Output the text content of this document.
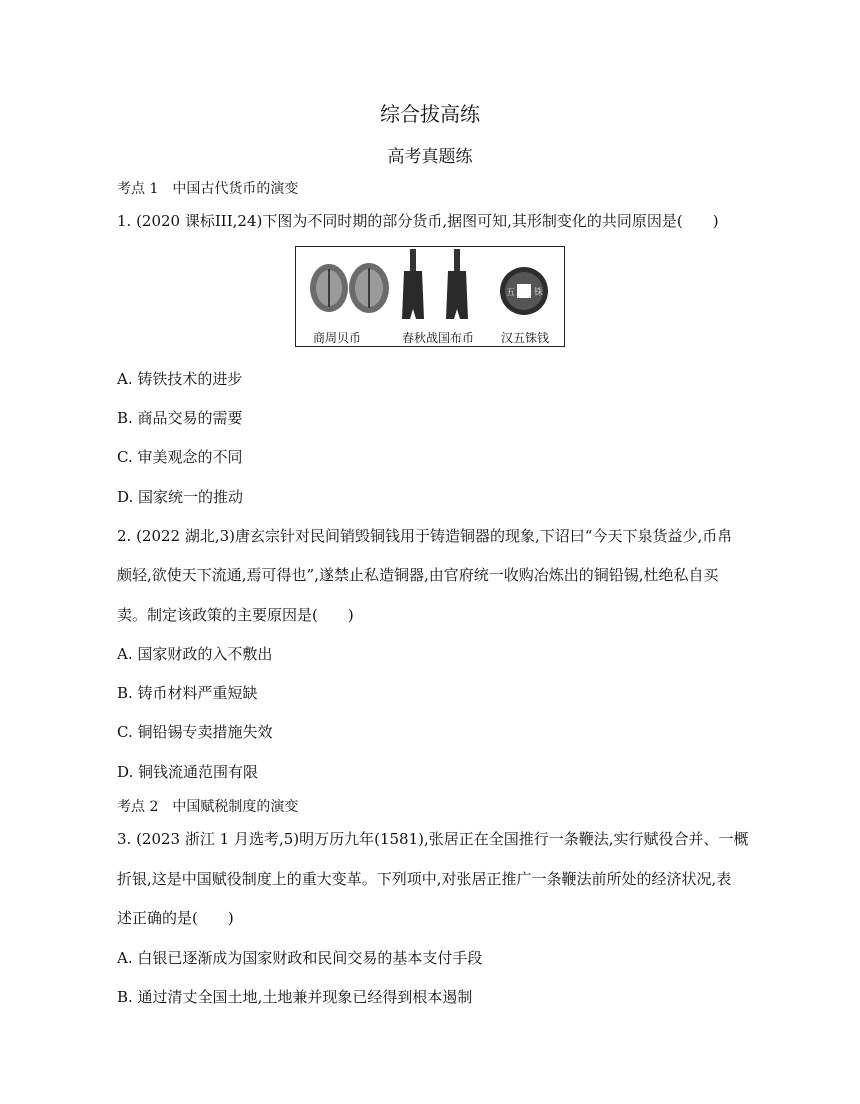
综合拔高练
高考真题练
考点 1　中国古代货币的演变
1. (2020 课标III,24)下图为不同时期的部分货币,据图可知,其形制变化的共同原因是(　　)
五 铢
商周贝币	春秋战国布币 汉五铢钱
A. 铸铁技术的进步
B. 商品交易的需要
C. 审美观念的不同
D. 国家统一的推动
2. (2022 湖北,3)唐玄宗针对民间销毁铜钱用于铸造铜器的现象,下诏曰“今天下泉货益少,币帛
颇轻,欲使天下流通,焉可得也”,遂禁止私造铜器,由官府统一收购冶炼出的铜铅锡,杜绝私自买
卖。制定该政策的主要原因是(　　)
A. 国家财政的入不敷出
B. 铸币材料严重短缺
C. 铜铅锡专卖措施失效
D. 铜钱流通范围有限
考点 2　中国赋税制度的演变
3. (2023 浙江 1 月选考,5)明万历九年(1581),张居正在全国推行一条鞭法,实行赋役合并、一概
折银,这是中国赋役制度上的重大变革。下列项中,对张居正推广一条鞭法前所处的经济状况,表
述正确的是(　　)
A. 白银已逐渐成为国家财政和民间交易的基本支付手段
B. 通过清丈全国土地,土地兼并现象已经得到根本遏制
